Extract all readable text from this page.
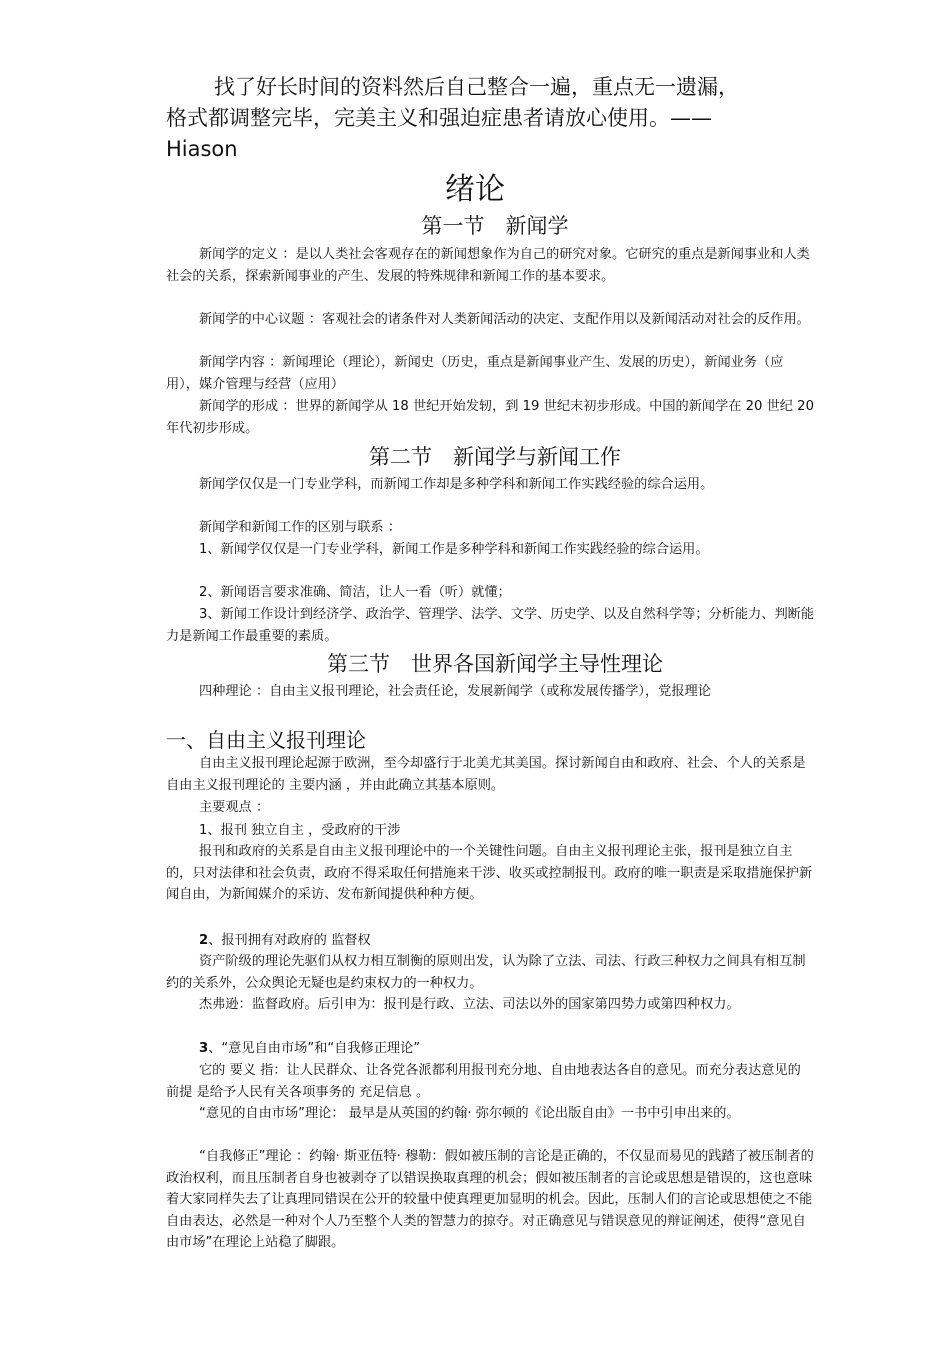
找了好长时间的资料然后自己整合一遍，重点无一遗漏，
格式都调整完毕，完美主义和强迫症患者请放心使用。——
Hiason

绪论
第一节　新闻学

新闻学的定义 ：是以人类社会客观存在的新闻想象作为自己的研究对象。它研究的重点是新闻事业和人类社会的关系，探索新闻事业的产生、发展的特殊规律和新闻工作的基本要求。

新闻学的中心议题 ：客观社会的诸条件对人类新闻活动的决定、支配作用以及新闻活动对社会的反作用。

新闻学内容 ：新闻理论（理论），新闻史（历史，重点是新闻事业产生、发展的历史），新闻业务（应用），媒介管理与经营（应用）

新闻学的形成 ：世界的新闻学从 18 世纪开始发轫，到 19 世纪末初步形成。中国的新闻学在 20 世纪 20 年代初步形成。

第二节　新闻学与新闻工作

新闻学仅仅是一门专业学科，而新闻工作却是多种学科和新闻工作实践经验的综合运用。

新闻学和新闻工作的区别与联系 ：

1、新闻学仅仅是一门专业学科，新闻工作是多种学科和新闻工作实践经验的综合运用。

2、新闻语言要求准确、简洁，让人一看（听）就懂；

3、新闻工作设计到经济学、政治学、管理学、法学、文学、历史学、以及自然科学等；分析能力、判断能力是新闻工作最重要的素质。

第三节　世界各国新闻学主导性理论

四种理论 ：自由主义报刊理论，社会责任论，发展新闻学（或称发展传播学），党报理论

一、自由主义报刊理论

自由主义报刊理论起源于欧洲，至今却盛行于北美尤其美国。探讨新闻自由和政府、社会、个人的关系是自由主义报刊理论的 主要内涵 ，并由此确立其基本原则。

主要观点 ：

1、报刊 独立自主 ，受政府的干涉

报刊和政府的关系是自由主义报刊理论中的一个关键性问题。自由主义报刊理论主张，报刊是独立自主的，只对法律和社会负责，政府不得采取任何措施来干涉、收买或控制报刊。政府的唯一职责是采取措施保护新闻自由，为新闻媒介的采访、发布新闻提供种种方便。

2、报刊拥有对政府的 监督权

资产阶级的理论先驱们从权力相互制衡的原则出发，认为除了立法、司法、行政三种权力之间具有相互制约的关系外，公众舆论无疑也是约束权力的一种权力。

杰弗逊：监督政府。后引申为：报刊是行政、立法、司法以外的国家第四势力或第四种权力。

3、“意见自由市场”和“自我修正理论”

它的 要义 指：让人民群众、让各党各派都利用报刊充分地、自由地表达各自的意见。而充分表达意见的 前提 是给予人民有关各项事务的 充足信息 。

“意见的自由市场”理论： 最早是从英国的约翰· 弥尔顿的《论出版自由》一书中引申出来的。

“自我修正”理论 ：约翰· 斯亚伍特· 穆勒：假如被压制的言论是正确的，不仅显而易见的践踏了被压制者的政治权利，而且压制者自身也被剥夺了以错误换取真理的机会；假如被压制者的言论或思想是错误的，这也意味着大家同样失去了让真理同错误在公开的较量中使真理更加显明的机会。因此，压制人们的言论或思想使之不能自由表达，必然是一种对个人乃至整个人类的智慧力的掠夺。对正确意见与错误意见的辩证阐述，使得“意见自由市场”在理论上站稳了脚跟。
